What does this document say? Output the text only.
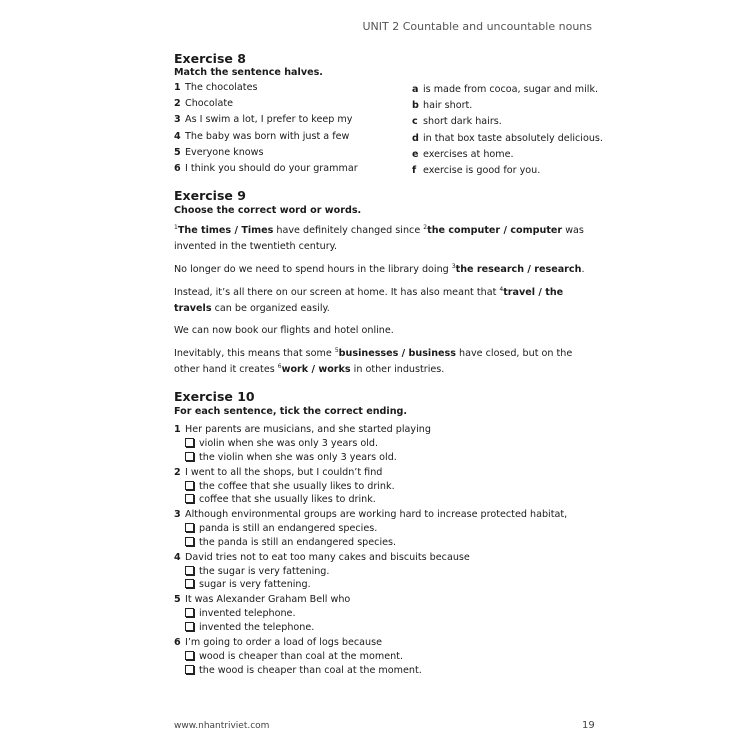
UNIT 2 Countable and uncountable nouns
Exercise 8
Match the sentence halves.
1 The chocolates
2 Chocolate
3 As I swim a lot, I prefer to keep my
4 The baby was born with just a few
5 Everyone knows
6 I think you should do your grammar
a is made from cocoa, sugar and milk.
b hair short.
c short dark hairs.
d in that box taste absolutely delicious.
e exercises at home.
f exercise is good for you.
Exercise 9
Choose the correct word or words.
$^1$The times / Times have definitely changed since $^2$the computer / computer was invented in the twentieth century.
No longer do we need to spend hours in the library doing $^3$the research / research.
Instead, it’s all there on our screen at home. It has also meant that $^4$travel / the travels can be organized easily.
We can now book our flights and hotel online.
Inevitably, this means that some $^5$businesses / business have closed, but on the other hand it creates $^6$work / works in other industries.
Exercise 10
For each sentence, tick the correct ending.
1 Her parents are musicians, and she started playing
violin when she was only 3 years old.
the violin when she was only 3 years old.
2 I went to all the shops, but I couldn’t find
the coffee that she usually likes to drink.
coffee that she usually likes to drink.
3 Although environmental groups are working hard to increase protected habitat,
panda is still an endangered species.
the panda is still an endangered species.
4 David tries not to eat too many cakes and biscuits because
the sugar is very fattening.
sugar is very fattening.
5 It was Alexander Graham Bell who
invented telephone.
invented the telephone.
6 I’m going to order a load of logs because
wood is cheaper than coal at the moment.
the wood is cheaper than coal at the moment.
www.nhantriviet.com	19
